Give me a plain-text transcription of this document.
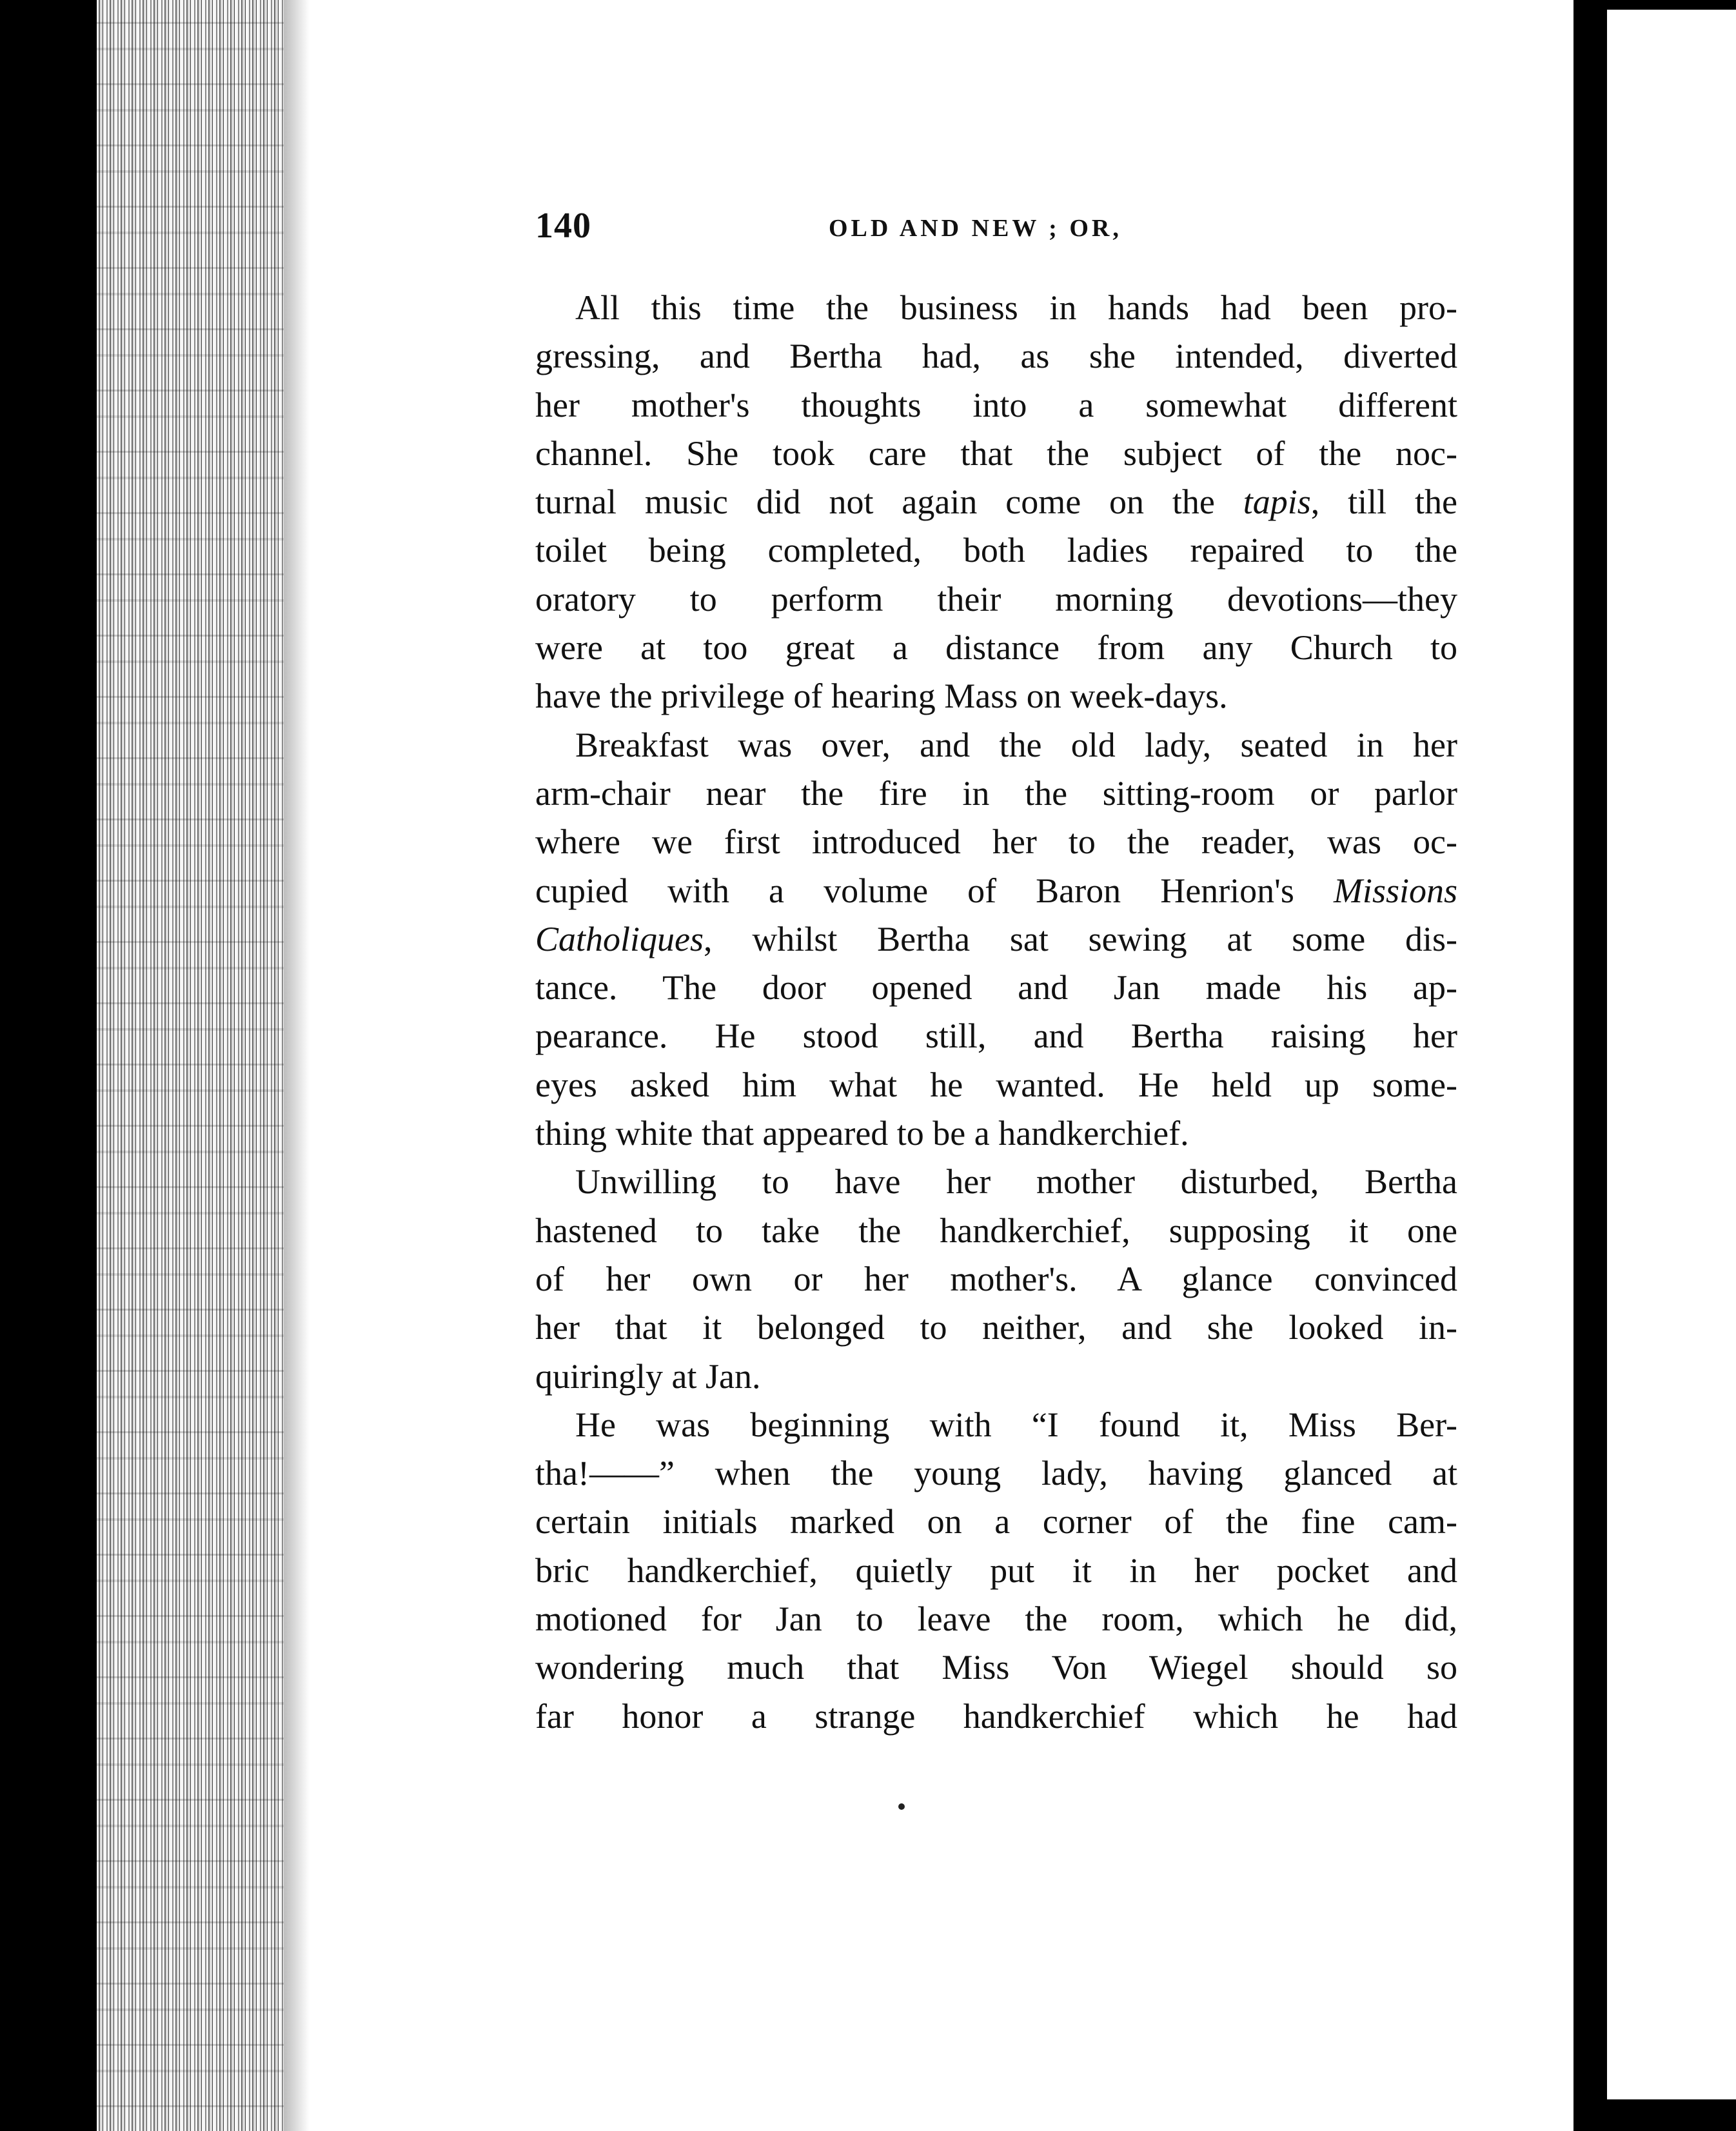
140	OLD AND NEW ; OR,
All this time the business in hands had been pro-
gressing, and Bertha had, as she intended, diverted
her mother's thoughts into a somewhat different
channel. She took care that the subject of the noc-
turnal music did not again come on the tapis, till the
toilet being completed, both ladies repaired to the
oratory to perform their morning devotions—they
were at too great a distance from any Church to
have the privilege of hearing Mass on week-days.
Breakfast was over, and the old lady, seated in her
arm-chair near the fire in the sitting-room or parlor
where we first introduced her to the reader, was oc-
cupied with a volume of Baron Henrion's Missions
Catholiques, whilst Bertha sat sewing at some dis-
tance. The door opened and Jan made his ap-
pearance. He stood still, and Bertha raising her
eyes asked him what he wanted. He held up some-
thing white that appeared to be a handkerchief.
Unwilling to have her mother disturbed, Bertha
hastened to take the handkerchief, supposing it one
of her own or her mother's. A glance convinced
her that it belonged to neither, and she looked in-
quiringly at Jan.
He was beginning with “I found it, Miss Ber-
tha!——” when the young lady, having glanced at
certain initials marked on a corner of the fine cam-
bric handkerchief, quietly put it in her pocket and
motioned for Jan to leave the room, which he did,
wondering much that Miss Von Wiegel should so
far honor a strange handkerchief which he had
